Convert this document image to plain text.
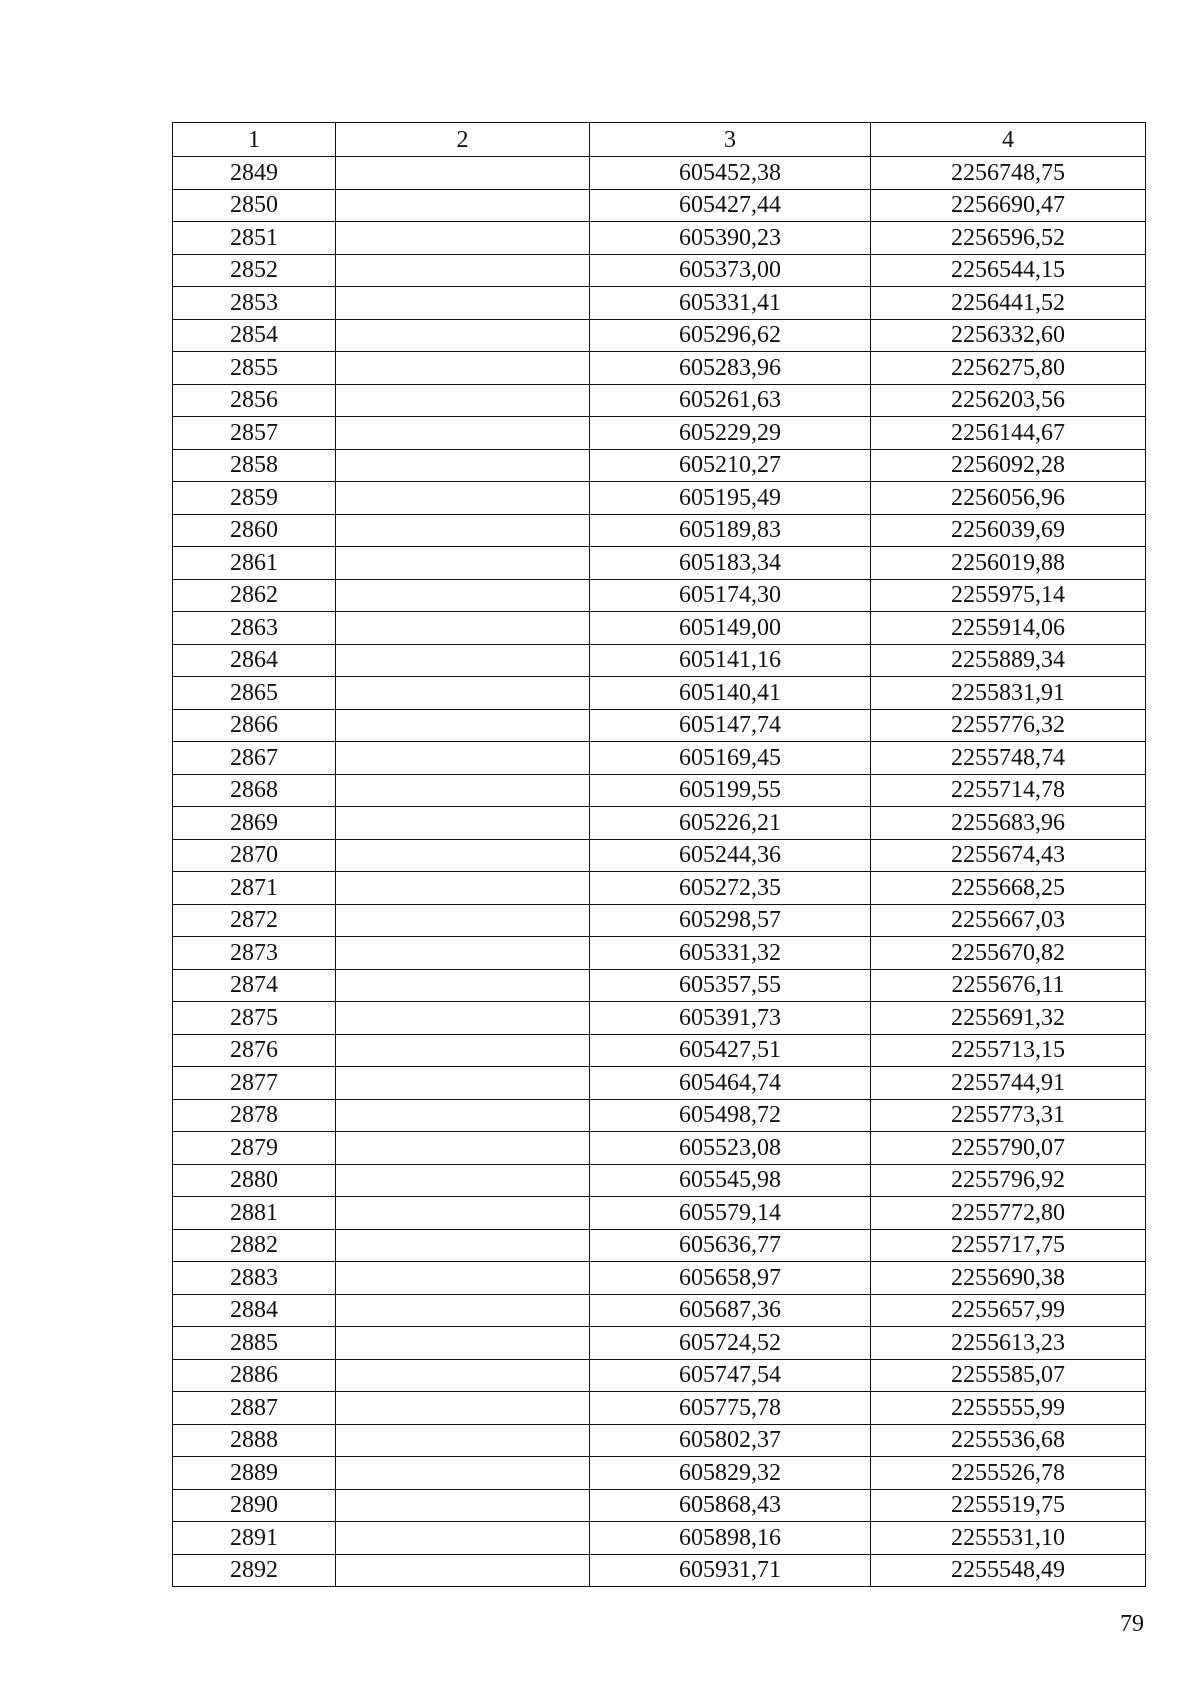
1	2	3	4
2849		605452,38	2256748,75
2850		605427,44	2256690,47
2851		605390,23	2256596,52
2852		605373,00	2256544,15
2853		605331,41	2256441,52
2854		605296,62	2256332,60
2855		605283,96	2256275,80
2856		605261,63	2256203,56
2857		605229,29	2256144,67
2858		605210,27	2256092,28
2859		605195,49	2256056,96
2860		605189,83	2256039,69
2861		605183,34	2256019,88
2862		605174,30	2255975,14
2863		605149,00	2255914,06
2864		605141,16	2255889,34
2865		605140,41	2255831,91
2866		605147,74	2255776,32
2867		605169,45	2255748,74
2868		605199,55	2255714,78
2869		605226,21	2255683,96
2870		605244,36	2255674,43
2871		605272,35	2255668,25
2872		605298,57	2255667,03
2873		605331,32	2255670,82
2874		605357,55	2255676,11
2875		605391,73	2255691,32
2876		605427,51	2255713,15
2877		605464,74	2255744,91
2878		605498,72	2255773,31
2879		605523,08	2255790,07
2880		605545,98	2255796,92
2881		605579,14	2255772,80
2882		605636,77	2255717,75
2883		605658,97	2255690,38
2884		605687,36	2255657,99
2885		605724,52	2255613,23
2886		605747,54	2255585,07
2887		605775,78	2255555,99
2888		605802,37	2255536,68
2889		605829,32	2255526,78
2890		605868,43	2255519,75
2891		605898,16	2255531,10
2892		605931,71	2255548,49
79
